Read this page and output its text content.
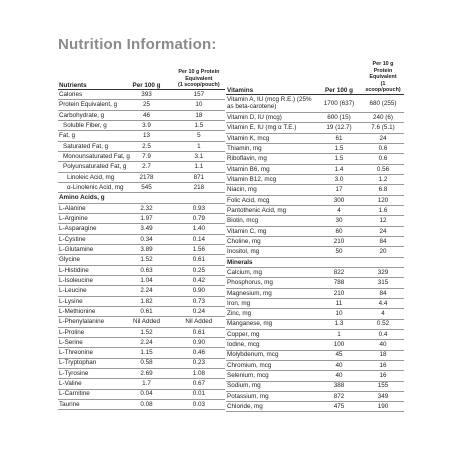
Nutrition Information:
Nutrients	Per 100 g	Per 10 g Protein Equivalent
(1 scoop/pouch)

Calories	393	157
Protein Equivalent, g	25	10
Carbohydrate, g	46	18
Soluble Fiber, g	3.9	1.5
Fat, g	13	5
Saturated Fat, g	2.5	1
Monounsaturated Fat, g	7.9	3.1
Polyunsaturated Fat, g	2.7	1.1
Linoleic Acid, mg	2178	871
α-Linolenic Acid, mg	545	218
Amino Acids, g		
L-Alanine	2.32	0.93
L-Arginine	1.97	0.79
L-Asparagine	3.49	1.40
L-Cystine	0.34	0.14
L-Glutamine	3.89	1.56
Glycine	1.52	0.61
L-Histidine	0.63	0.25
L-Isoleucine	1.04	0.42
L-Leucine	2.24	0.90
L-Lysine	1.82	0.73
L-Methionine	0.61	0.24
L-Phenylalanine	Nil Added	Nil Added
L-Proline	1.52	0.61
L-Serine	2.24	0.90
L-Threonine	1.15	0.46
L-Tryptophan	0.58	0.23
L-Tyrosine	2.69	1.08
L-Valine	1.7	0.67
L-Carnitine	0.04	0.01
Taurine	0.08	0.03
Vitamins	Per 100 g	Per 10 g Protein Equivalent
(1 scoop/pouch)

Vitamin A, IU (mcg R.E.) (25% as beta-carotene)	1700 (637)	680 (255)
Vitamin D, IU (mcg)	600 (15)	240 (6)
Vitamin E, IU (mg α T.E.)	19 (12.7)	7.6 (5.1)
Vitamin K, mcg	61	24
Thiamin, mg	1.5	0.6
Riboflavin, mg	1.5	0.6
Vitamin B6, mg	1.4	0.56
Vitamin B12, mcg	3.0	1.2
Niacin, mg	17	6.8
Folic Acid, mcg	300	120
Pantothenic Acid, mg	4	1.6
Biotin, mcg	30	12
Vitamin C, mg	60	24
Choline, mg	210	84
Inositol, mg	50	20
Minerals		
Calcium, mg	822	329
Phosphorus, mg	788	315
Magnesium, mg	210	84
Iron, mg	11	4.4
Zinc, mg	10	4
Manganese, mg	1.3	0.52
Copper, mg	1	0.4
Iodine, mcg	100	40
Molybdenum, mcg	45	18
Chromium, mcg	40	16
Selenium, mcg	40	16
Sodium, mg	388	155
Potassium, mg	872	349
Chloride, mg	475	190
